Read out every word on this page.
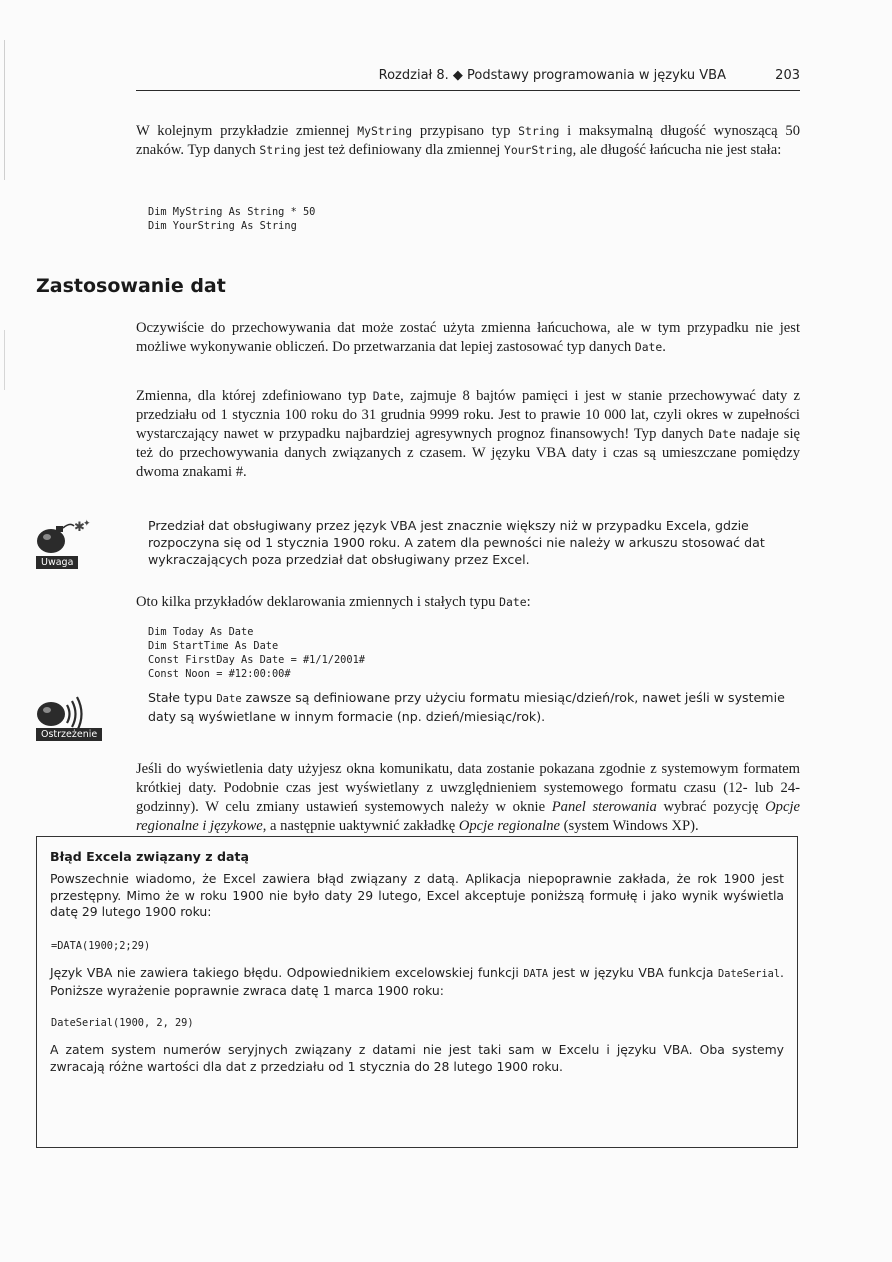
Rozdział 8. ◆ Podstawy programowania w języku VBA	203

W kolejnym przykładzie zmiennej MyString przypisano typ String i maksymalną długość wynoszącą 50 znaków. Typ danych String jest też definiowany dla zmiennej YourString, ale długość łańcucha nie jest stała:

Dim MyString As String * 50
Dim YourString As String
Zastosowanie dat

Oczywiście do przechowywania dat może zostać użyta zmienna łańcuchowa, ale w tym przypadku nie jest możliwe wykonywanie obliczeń. Do przetwarzania dat lepiej zastosować typ danych Date.

Zmienna, dla której zdefiniowano typ Date, zajmuje 8 bajtów pamięci i jest w stanie przechowywać daty z przedziału od 1 stycznia 100 roku do 31 grudnia 9999 roku. Jest to prawie 10 000 lat, czyli okres w zupełności wystarczający nawet w przypadku najbardziej agresywnych prognoz finansowych! Typ danych Date nadaje się też do przechowywania danych związanych z czasem. W języku VBA daty i czas są umieszczane pomiędzy dwoma znakami #.

✱
✦
Uwaga
Przedział dat obsługiwany przez język VBA jest znacznie większy niż w przypadku Excela, gdzie rozpoczyna się od 1 stycznia 1900 roku. A zatem dla pewności nie należy w arkuszu stosować dat wykraczających poza przedział dat obsługiwany przez Excel.

Oto kilka przykładów deklarowania zmiennych i stałych typu Date:

Dim Today As Date
Dim StartTime As Date
Const FirstDay As Date = #1/1/2001#
Const Noon = #12:00:00#
Ostrzeżenie
Stałe typu Date zawsze są definiowane przy użyciu formatu miesiąc/dzień/rok, nawet jeśli w systemie daty są wyświetlane w innym formacie (np. dzień/miesiąc/rok).

Jeśli do wyświetlenia daty użyjesz okna komunikatu, data zostanie pokazana zgodnie z systemowym formatem krótkiej daty. Podobnie czas jest wyświetlany z uwzględnieniem systemowego formatu czasu (12- lub 24-godzinny). W celu zmiany ustawień systemowych należy w oknie Panel sterowania wybrać pozycję Opcje regionalne i językowe, a następnie uaktywnić zakładkę Opcje regionalne (system Windows XP).

Błąd Excela związany z datą

Powszechnie wiadomo, że Excel zawiera błąd związany z datą. Aplikacja niepoprawnie zakłada, że rok 1900 jest przestępny. Mimo że w roku 1900 nie było daty 29 lutego, Excel akceptuje poniższą formułę i jako wynik wyświetla datę 29 lutego 1900 roku:

=DATA(1900;2;29)

Język VBA nie zawiera takiego błędu. Odpowiednikiem excelowskiej funkcji DATA jest w języku VBA funkcja DateSerial. Poniższe wyrażenie poprawnie zwraca datę 1 marca 1900 roku:

DateSerial(1900, 2, 29)

A zatem system numerów seryjnych związany z datami nie jest taki sam w Excelu i języku VBA. Oba systemy zwracają różne wartości dla dat z przedziału od 1 stycznia do 28 lutego 1900 roku.
